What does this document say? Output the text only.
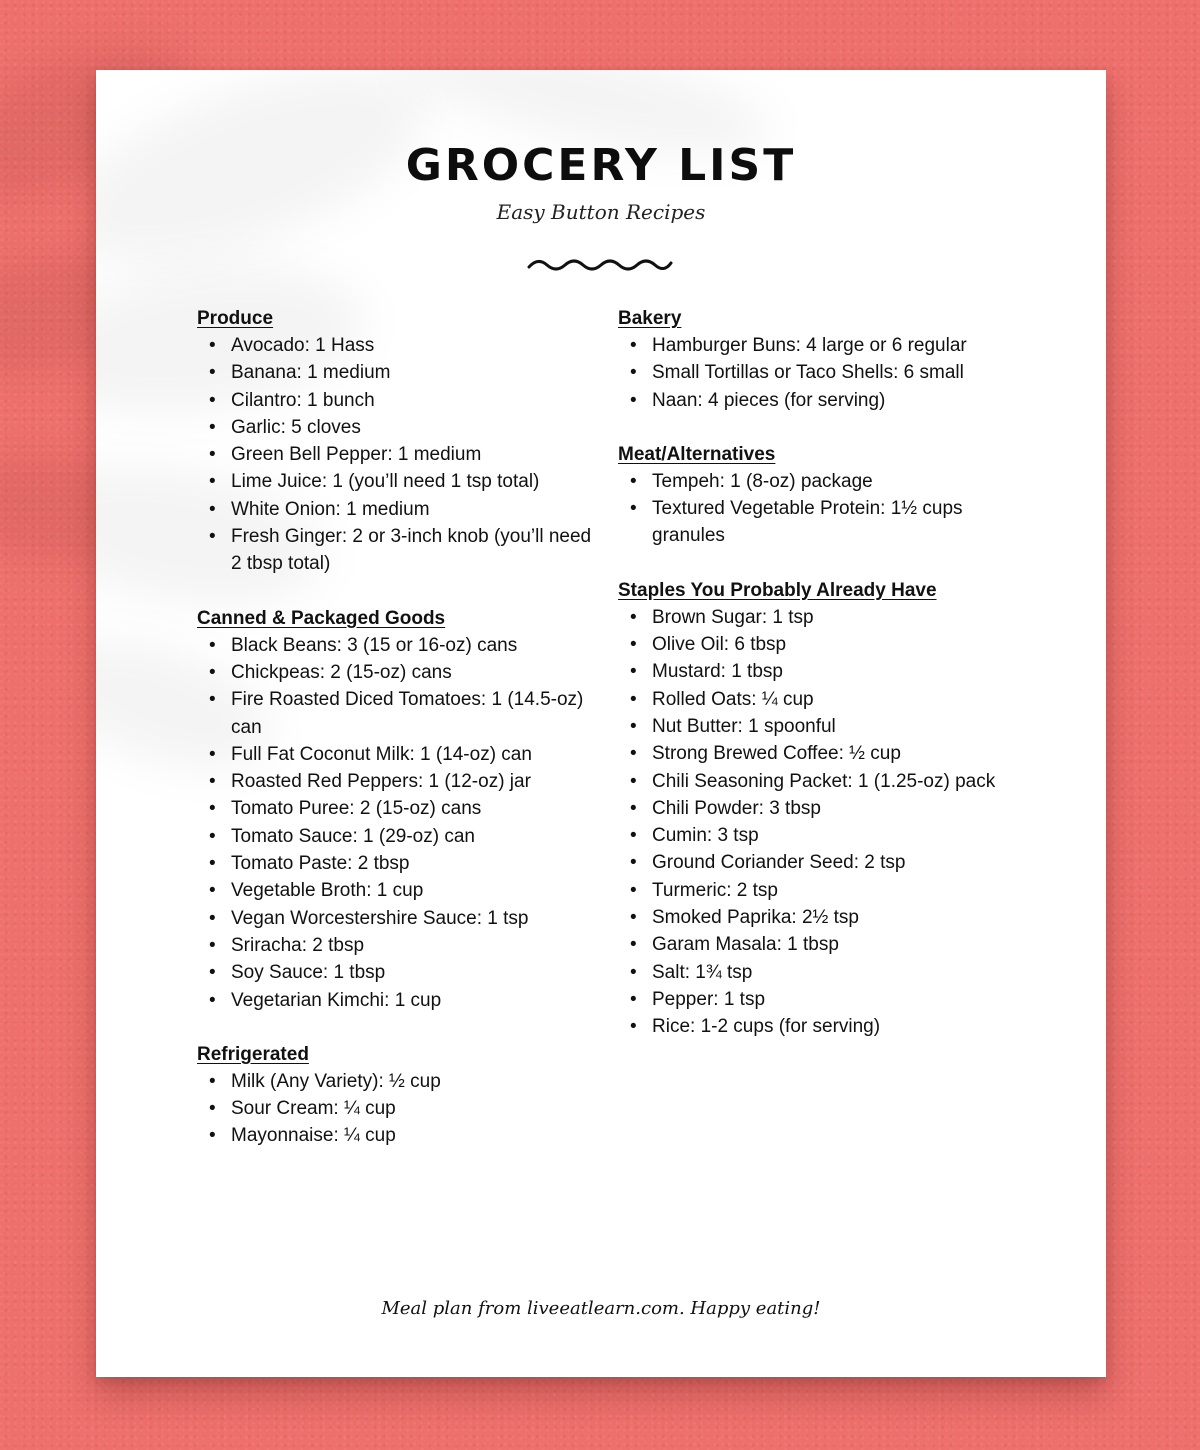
GROCERY LIST
Easy Button Recipes
Produce
• Avocado: 1 Hass
• Banana: 1 medium
• Cilantro: 1 bunch
• Garlic: 5 cloves
• Green Bell Pepper: 1 medium
• Lime Juice: 1 (you’ll need 1 tsp total)
• White Onion: 1 medium
• Fresh Ginger: 2 or 3-inch knob (you’ll need 2 tbsp total)
Canned & Packaged Goods
• Black Beans: 3 (15 or 16-oz) cans
• Chickpeas: 2 (15-oz) cans
• Fire Roasted Diced Tomatoes: 1 (14.5-oz) can
• Full Fat Coconut Milk: 1 (14-oz) can
• Roasted Red Peppers: 1 (12-oz) jar
• Tomato Puree: 2 (15-oz) cans
• Tomato Sauce: 1 (29-oz) can
• Tomato Paste: 2 tbsp
• Vegetable Broth: 1 cup
• Vegan Worcestershire Sauce: 1 tsp
• Sriracha: 2 tbsp
• Soy Sauce: 1 tbsp
• Vegetarian Kimchi: 1 cup
Refrigerated
• Milk (Any Variety): ½ cup
• Sour Cream: ¼ cup
• Mayonnaise: ¼ cup
Bakery
• Hamburger Buns: 4 large or 6 regular
• Small Tortillas or Taco Shells: 6 small
• Naan: 4 pieces (for serving)
Meat/Alternatives
• Tempeh: 1 (8-oz) package
• Textured Vegetable Protein: 1½ cups granules
Staples You Probably Already Have
• Brown Sugar: 1 tsp
• Olive Oil: 6 tbsp
• Mustard: 1 tbsp
• Rolled Oats: ¼ cup
• Nut Butter: 1 spoonful
• Strong Brewed Coffee: ½ cup
• Chili Seasoning Packet: 1 (1.25-oz) pack
• Chili Powder: 3 tbsp
• Cumin: 3 tsp
• Ground Coriander Seed: 2 tsp
• Turmeric: 2 tsp
• Smoked Paprika: 2½ tsp
• Garam Masala: 1 tbsp
• Salt: 1¾ tsp
• Pepper: 1 tsp
• Rice: 1-2 cups (for serving)
Meal plan from liveeatlearn.com. Happy eating!
